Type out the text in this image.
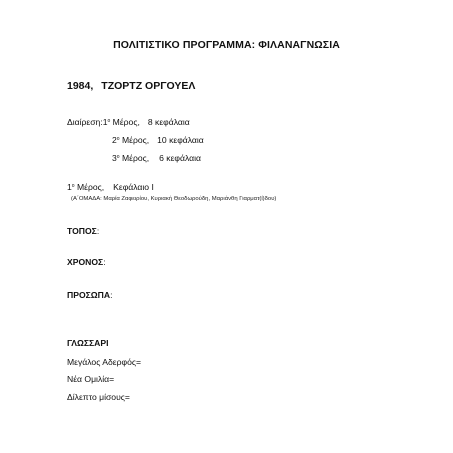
ΠΟΛΙΤΙΣΤΙΚΟ ΠΡΟΓΡΑΜΜΑ: ΦΙΛΑΝΑΓΝΩΣΙΑ
1984, ΤΖΟΡΤΖ ΟΡΓΟΥΕΛ
$\Delta\iota\alpha ί\rho\varepsilon\sigma\eta:1^o$ Μέρος, 8 κεφάλαια
$2^o$ Μέρος, 10 κεφάλαια
$3^o$ Μέρος, 6 κεφάλαια
$1^o$ Μέρος, Κεφάλαιο Ι
(Α΄ΟΜΑΔΑ: Μαρία Ζαφειρίου, Κυριακή Θεοδωρούδη, Μαριάνθη Γιαρματ(ί)δου)
ΤΟΠΟΣ:
ΧΡΟΝΟΣ:
ΠΡΟΣΩΠΑ:
ΓΛΩΣΣΑΡΙ
Μεγάλος Αδερφός=
Νέα Ομιλία=
Δίλεπτο μίσους=
